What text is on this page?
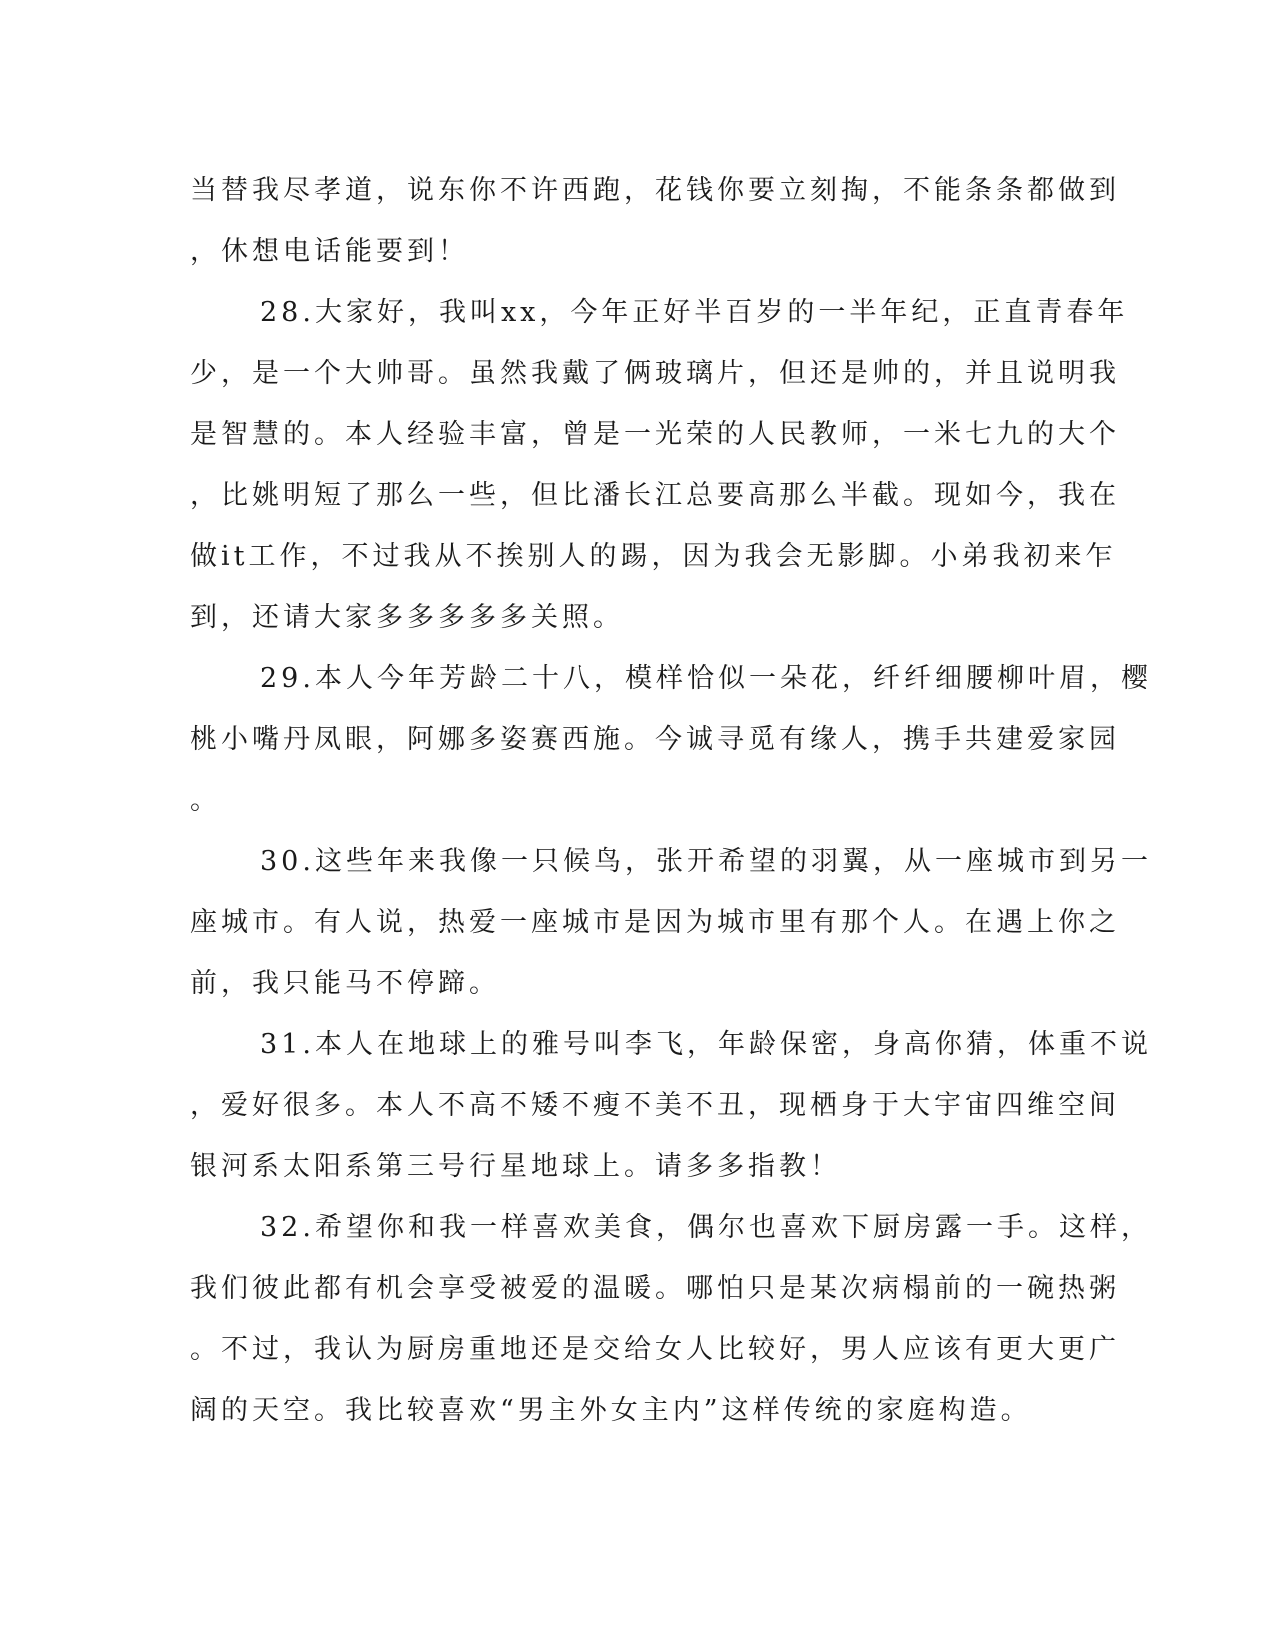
当替我尽孝道，说东你不许西跑，花钱你要立刻掏，不能条条都做到
，休想电话能要到！
28.大家好，我叫xx，今年正好半百岁的一半年纪，正直青春年
少，是一个大帅哥。虽然我戴了俩玻璃片，但还是帅的，并且说明我
是智慧的。本人经验丰富，曾是一光荣的人民教师，一米七九的大个
，比姚明短了那么一些，但比潘长江总要高那么半截。现如今，我在
做it工作，不过我从不挨别人的踢，因为我会无影脚。小弟我初来乍
到，还请大家多多多多多关照。
29.本人今年芳龄二十八，模样恰似一朵花，纤纤细腰柳叶眉，樱
桃小嘴丹凤眼，阿娜多姿赛西施。今诚寻觅有缘人，携手共建爱家园
。
30.这些年来我像一只候鸟，张开希望的羽翼，从一座城市到另一
座城市。有人说，热爱一座城市是因为城市里有那个人。在遇上你之
前，我只能马不停蹄。
31.本人在地球上的雅号叫李飞，年龄保密，身高你猜，体重不说
，爱好很多。本人不高不矮不瘦不美不丑，现栖身于大宇宙四维空间
银河系太阳系第三号行星地球上。请多多指教！
32.希望你和我一样喜欢美食，偶尔也喜欢下厨房露一手。这样，
我们彼此都有机会享受被爱的温暖。哪怕只是某次病榻前的一碗热粥
。不过，我认为厨房重地还是交给女人比较好，男人应该有更大更广
阔的天空。我比较喜欢“男主外女主内”这样传统的家庭构造。
